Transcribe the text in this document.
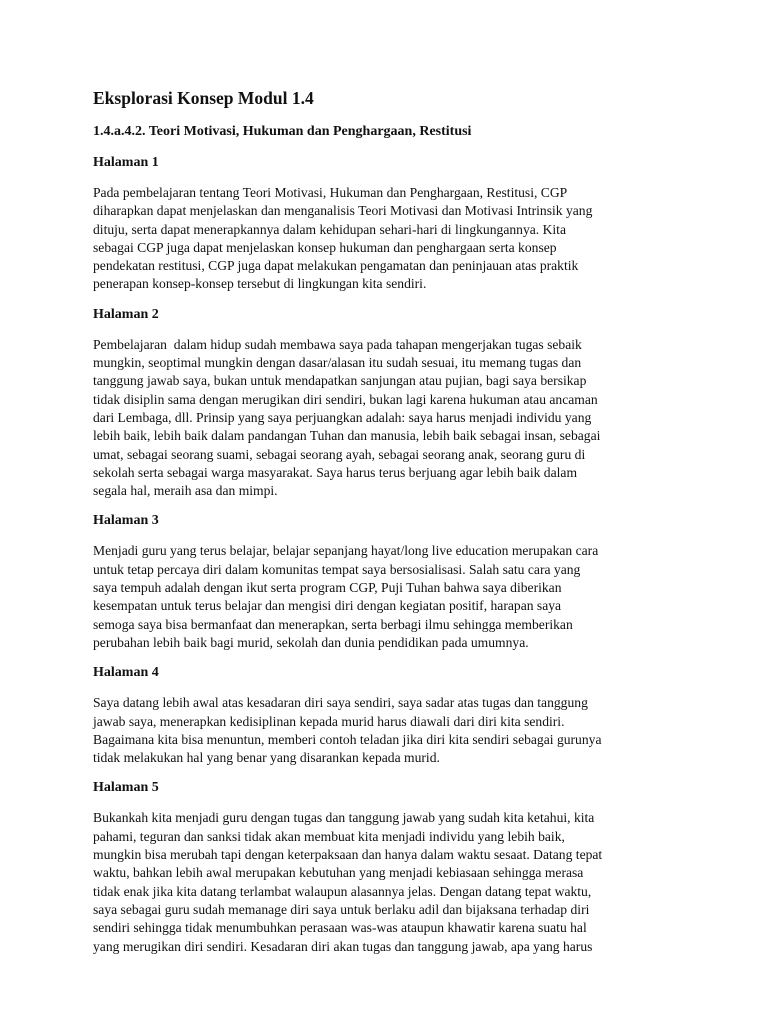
Eksplorasi Konsep Modul 1.4
1.4.a.4.2. Teori Motivasi, Hukuman dan Penghargaan, Restitusi
Halaman 1
Pada pembelajaran tentang Teori Motivasi, Hukuman dan Penghargaan, Restitusi, CGP
diharapkan dapat menjelaskan dan menganalisis Teori Motivasi dan Motivasi Intrinsik yang
dituju, serta dapat menerapkannya dalam kehidupan sehari-hari di lingkungannya. Kita
sebagai CGP juga dapat menjelaskan konsep hukuman dan penghargaan serta konsep
pendekatan restitusi, CGP juga dapat melakukan pengamatan dan peninjauan atas praktik
penerapan konsep-konsep tersebut di lingkungan kita sendiri.
Halaman 2
Pembelajaran  dalam hidup sudah membawa saya pada tahapan mengerjakan tugas sebaik
mungkin, seoptimal mungkin dengan dasar/alasan itu sudah sesuai, itu memang tugas dan
tanggung jawab saya, bukan untuk mendapatkan sanjungan atau pujian, bagi saya bersikap
tidak disiplin sama dengan merugikan diri sendiri, bukan lagi karena hukuman atau ancaman
dari Lembaga, dll. Prinsip yang saya perjuangkan adalah: saya harus menjadi individu yang
lebih baik, lebih baik dalam pandangan Tuhan dan manusia, lebih baik sebagai insan, sebagai
umat, sebagai seorang suami, sebagai seorang ayah, sebagai seorang anak, seorang guru di
sekolah serta sebagai warga masyarakat. Saya harus terus berjuang agar lebih baik dalam
segala hal, meraih asa dan mimpi.
Halaman 3
Menjadi guru yang terus belajar, belajar sepanjang hayat/long live education merupakan cara
untuk tetap percaya diri dalam komunitas tempat saya bersosialisasi. Salah satu cara yang
saya tempuh adalah dengan ikut serta program CGP, Puji Tuhan bahwa saya diberikan
kesempatan untuk terus belajar dan mengisi diri dengan kegiatan positif, harapan saya
semoga saya bisa bermanfaat dan menerapkan, serta berbagi ilmu sehingga memberikan
perubahan lebih baik bagi murid, sekolah dan dunia pendidikan pada umumnya.
Halaman 4
Saya datang lebih awal atas kesadaran diri saya sendiri, saya sadar atas tugas dan tanggung
jawab saya, menerapkan kedisiplinan kepada murid harus diawali dari diri kita sendiri.
Bagaimana kita bisa menuntun, memberi contoh teladan jika diri kita sendiri sebagai gurunya
tidak melakukan hal yang benar yang disarankan kepada murid.
Halaman 5
Bukankah kita menjadi guru dengan tugas dan tanggung jawab yang sudah kita ketahui, kita
pahami, teguran dan sanksi tidak akan membuat kita menjadi individu yang lebih baik,
mungkin bisa merubah tapi dengan keterpaksaan dan hanya dalam waktu sesaat. Datang tepat
waktu, bahkan lebih awal merupakan kebutuhan yang menjadi kebiasaan sehingga merasa
tidak enak jika kita datang terlambat walaupun alasannya jelas. Dengan datang tepat waktu,
saya sebagai guru sudah memanage diri saya untuk berlaku adil dan bijaksana terhadap diri
sendiri sehingga tidak menumbuhkan perasaan was-was ataupun khawatir karena suatu hal
yang merugikan diri sendiri. Kesadaran diri akan tugas dan tanggung jawab, apa yang harus
